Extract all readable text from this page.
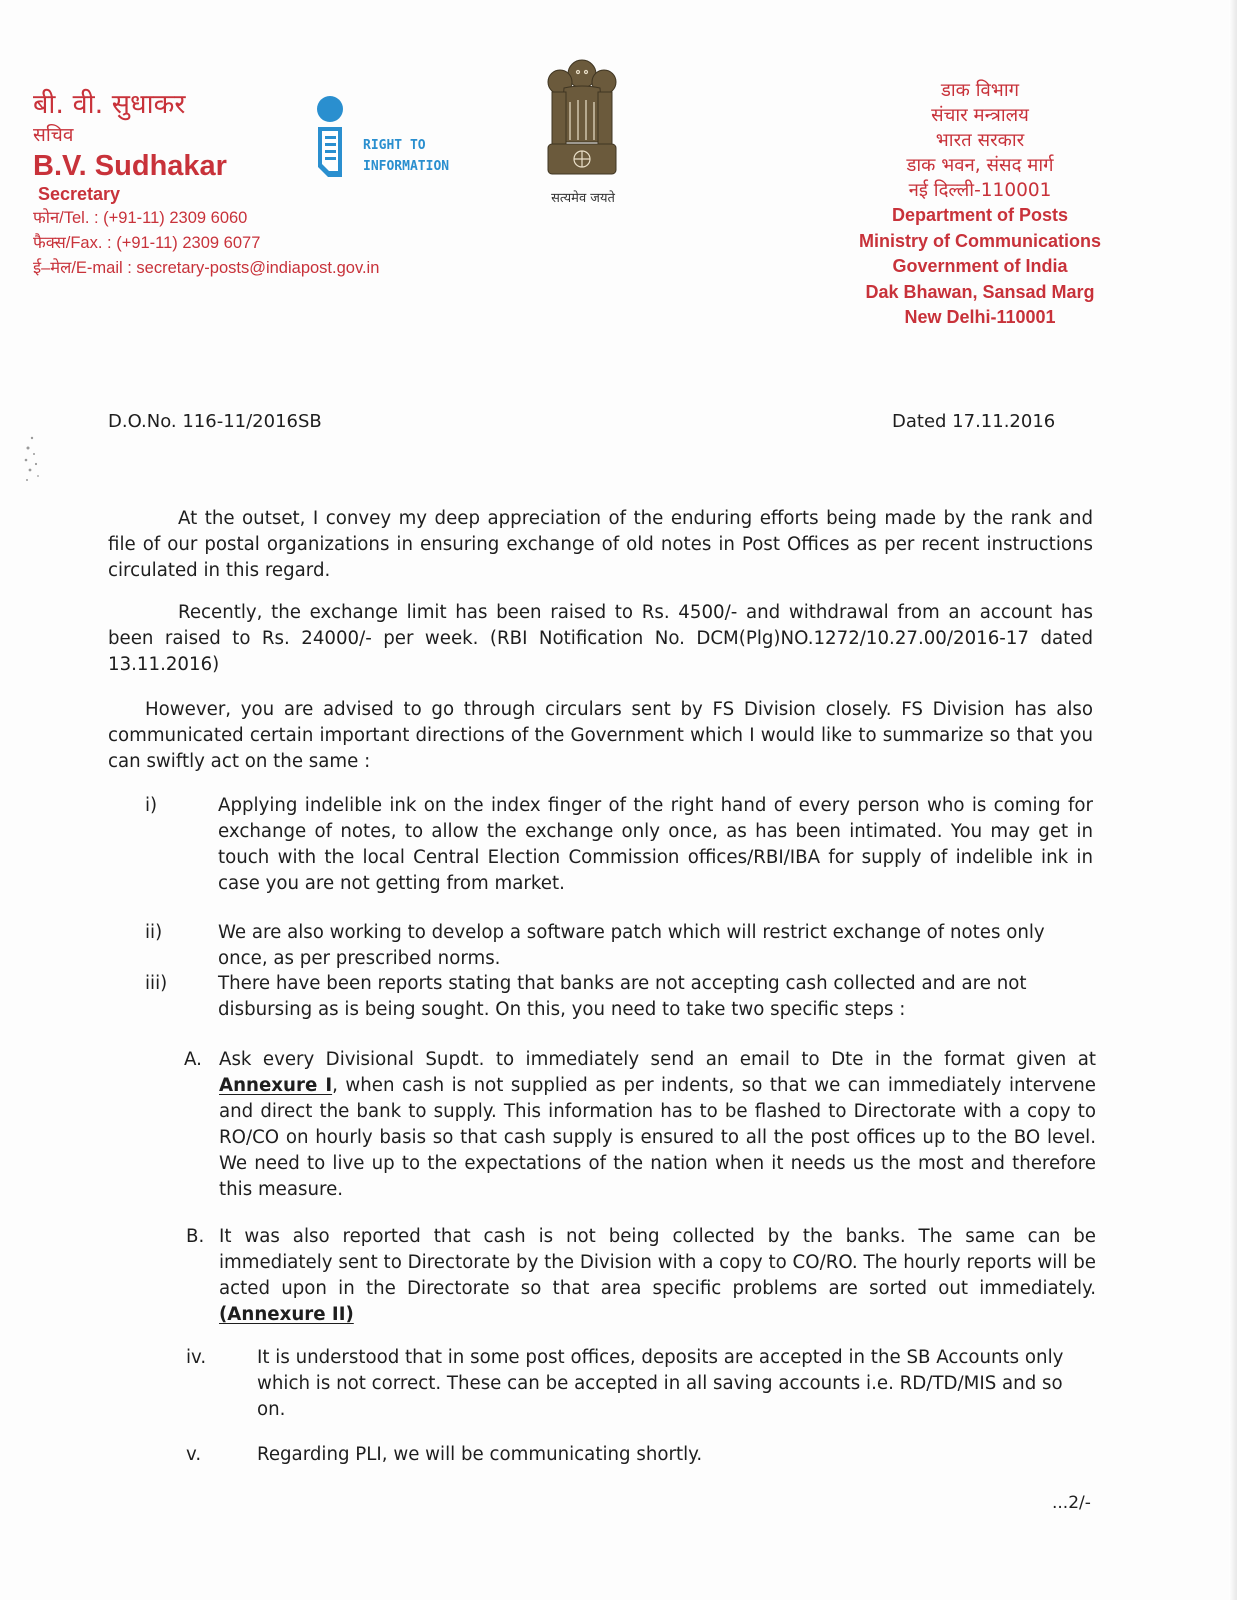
बी. वी. सुधाकर
सचिव
B.V. Sudhakar
Secretary
फोन/Tel. : (+91-11) 2309 6060
फैक्स/Fax. : (+91-11) 2309 6077
ई–मेल/E-mail : secretary-posts@indiapost.gov.in
RIGHT TO
INFORMATION
सत्यमेव जयते
डाक विभाग
संचार मन्त्रालय
भारत सरकार
डाक भवन, संसद मार्ग
नई दिल्ली-110001
Department of Posts
Ministry of Communications
Government of India
Dak Bhawan, Sansad Marg
New Delhi-110001
D.O.No. 116-11/2016SB	Dated 17.11.2016
At the outset, I convey my deep appreciation of the enduring efforts being made by the rank and file of our postal organizations in ensuring exchange of old notes in Post Offices as per recent instructions circulated in this regard.
Recently, the exchange limit has been raised to Rs. 4500/- and withdrawal from an account has been raised to Rs. 24000/- per week. (RBI Notification No. DCM(Plg)NO.1272/10.27.00/2016-17 dated 13.11.2016)
However, you are advised to go through circulars sent by FS Division closely. FS Division has also communicated certain important directions of the Government which I would like to summarize so that you can swiftly act on the same :
i)	Applying indelible ink on the index finger of the right hand of every person who is coming for exchange of notes, to allow the exchange only once, as has been intimated. You may get in touch with the local Central Election Commission offices/RBI/IBA for supply of indelible ink in case you are not getting from market.
ii)	We are also working to develop a software patch which will restrict exchange of notes only once, as per prescribed norms.
iii)	There have been reports stating that banks are not accepting cash collected and are not disbursing as is being sought. On this, you need to take two specific steps :
A. Ask every Divisional Supdt. to immediately send an email to Dte in the format given at Annexure I, when cash is not supplied as per indents, so that we can immediately intervene and direct the bank to supply. This information has to be flashed to Directorate with a copy to RO/CO on hourly basis so that cash supply is ensured to all the post offices up to the BO level. We need to live up to the expectations of the nation when it needs us the most and therefore this measure.
B. It was also reported that cash is not being collected by the banks. The same can be immediately sent to Directorate by the Division with a copy to CO/RO. The hourly reports will be acted upon in the Directorate so that area specific problems are sorted out immediately. (Annexure II)
iv.	It is understood that in some post offices, deposits are accepted in the SB Accounts only which is not correct. These can be accepted in all saving accounts i.e. RD/TD/MIS and so on.
v.	Regarding PLI, we will be communicating shortly.
...2/-
